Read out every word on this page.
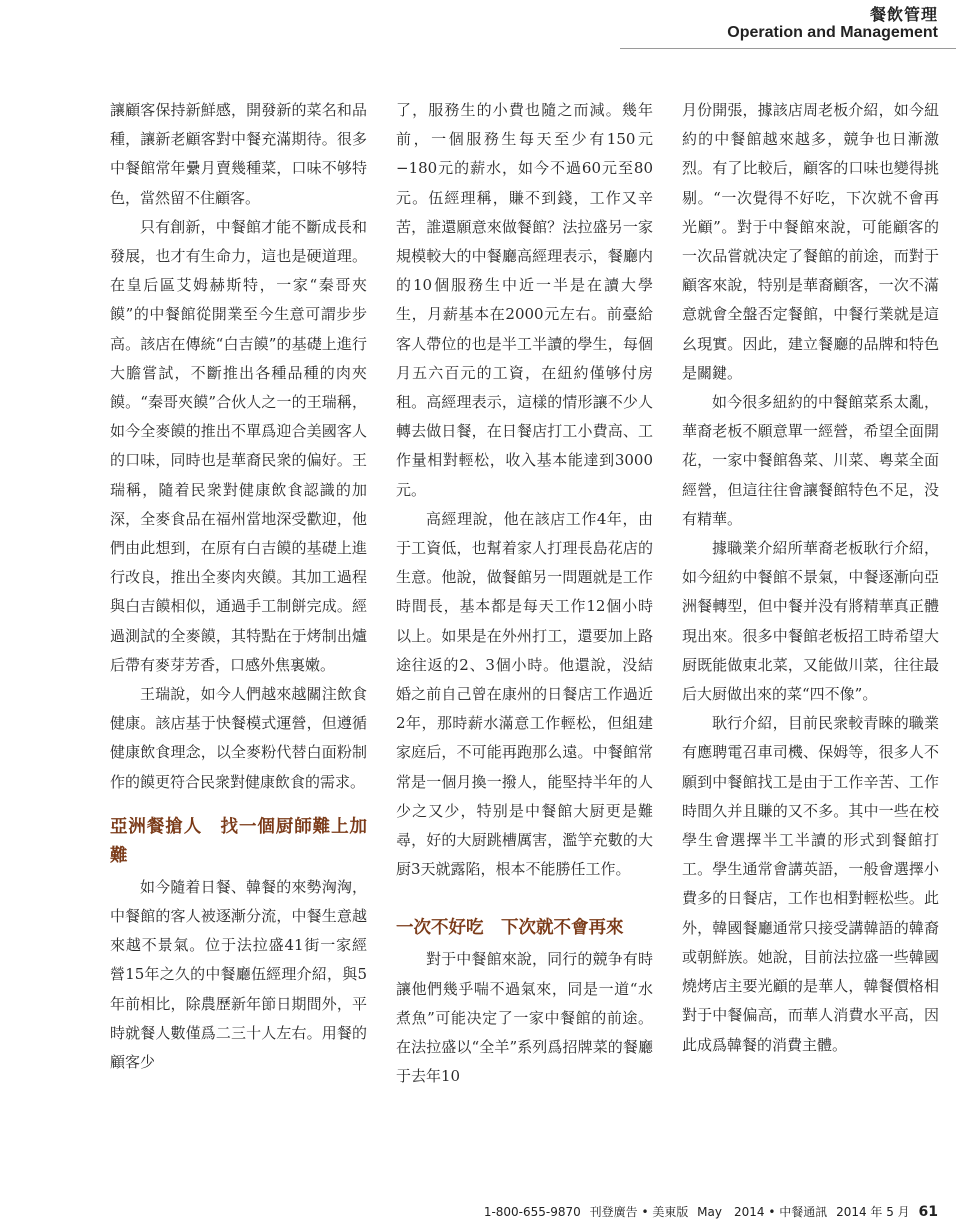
餐飲管理
Operation and Management

讓顧客保持新鮮感，開發新的菜名和品種，讓新老顧客對中餐充滿期待。很多中餐館常年纍月賣幾種菜，口味不够特色，當然留不住顧客。

只有創新，中餐館才能不斷成長和發展，也才有生命力，這也是硬道理。在皇后區艾姆赫斯特，一家“秦哥夾饃”的中餐館從開業至今生意可謂步步高。該店在傳統“白吉饃”的基礎上進行大膽嘗試，不斷推出各種品種的肉夾饃。“秦哥夾饃”合伙人之一的王瑞稱，如今全麥饃的推出不單爲迎合美國客人的口味，同時也是華裔民衆的偏好。王瑞稱，隨着民衆對健康飲食認識的加深，全麥食品在福州當地深受歡迎，他們由此想到，在原有白吉饃的基礎上進行改良，推出全麥肉夾饃。其加工過程與白吉饃相似，通過手工制餅完成。經過測試的全麥饃，其特點在于烤制出爐后帶有麥芽芳香，口感外焦裏嫩。

王瑞說，如今人們越來越關注飲食健康。該店基于快餐模式運營，但遵循健康飲食理念，以全麥粉代替白面粉制作的饃更符合民衆對健康飲食的需求。

亞洲餐搶人　找一個厨師難上加難

如今隨着日餐、韓餐的來勢洶洶，中餐館的客人被逐漸分流，中餐生意越來越不景氣。位于法拉盛41街一家經營15年之久的中餐廳伍經理介紹，與5年前相比，除農歷新年節日期間外，平時就餐人數僅爲二三十人左右。用餐的顧客少

了，服務生的小費也隨之而減。幾年前，一個服務生每天至少有150元−180元的薪水，如今不過60元至80元。伍經理稱，賺不到錢，工作又辛苦，誰還願意來做餐館？法拉盛另一家規模較大的中餐廳高經理表示，餐廳内的10個服務生中近一半是在讀大學生，月薪基本在2000元左右。前臺給客人帶位的也是半工半讀的學生，每個月五六百元的工資，在紐約僅够付房租。高經理表示，這樣的情形讓不少人轉去做日餐，在日餐店打工小費高、工作量相對輕松，收入基本能達到3000元。

高經理說，他在該店工作4年，由于工資低，也幫着家人打理長島花店的生意。他說，做餐館另一問題就是工作時間長，基本都是每天工作12個小時以上。如果是在外州打工，還要加上路途往返的2、3個小時。他還說，没結婚之前自己曾在康州的日餐店工作過近2年，那時薪水滿意工作輕松，但組建家庭后，不可能再跑那么遠。中餐館常常是一個月換一撥人，能堅持半年的人少之又少，特别是中餐館大厨更是難尋，好的大厨跳槽厲害，濫竽充數的大厨3天就露陷，根本不能勝任工作。

一次不好吃　下次就不會再來

對于中餐館來說，同行的競争有時讓他們幾乎喘不過氣來，同是一道“水煮魚”可能决定了一家中餐館的前途。在法拉盛以“全羊”系列爲招牌菜的餐廳于去年10

月份開張，據該店周老板介紹，如今紐約的中餐館越來越多，競争也日漸激烈。有了比較后，顧客的口味也變得挑剔。“一次覺得不好吃，下次就不會再光顧”。對于中餐館來說，可能顧客的一次品嘗就决定了餐館的前途，而對于顧客來說，特别是華裔顧客，一次不滿意就會全盤否定餐館，中餐行業就是這幺現實。因此，建立餐廳的品牌和特色是關鍵。

如今很多紐約的中餐館菜系太亂，華裔老板不願意單一經營，希望全面開花，一家中餐館魯菜、川菜、粵菜全面經營，但這往往會讓餐館特色不足，没有精華。

據職業介紹所華裔老板耿行介紹，如今紐約中餐館不景氣，中餐逐漸向亞洲餐轉型，但中餐并没有將精華真正體現出來。很多中餐館老板招工時希望大厨既能做東北菜，又能做川菜，往往最后大厨做出來的菜“四不像”。

耿行介紹，目前民衆較青睞的職業有應聘電召車司機、保姆等，很多人不願到中餐館找工是由于工作辛苦、工作時間久并且賺的又不多。其中一些在校學生會選擇半工半讀的形式到餐館打工。學生通常會講英語，一般會選擇小費多的日餐店，工作也相對輕松些。此外，韓國餐廳通常只接受講韓語的韓裔或朝鮮族。她說，目前法拉盛一些韓國燒烤店主要光顧的是華人，韓餐價格相對于中餐偏高，而華人消費水平高，因此成爲韓餐的消費主體。

1-800-655-9870 刊登廣告 • 美東版 May　2014 • 中餐通訊 2014 年 5 月 61
